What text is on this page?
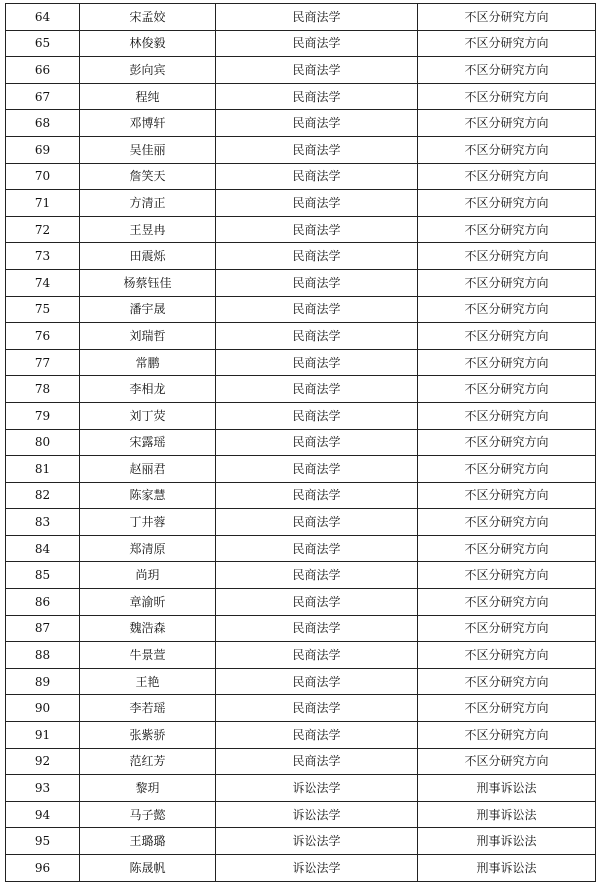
64	宋孟姣	民商法学	不区分研究方向
65	林俊毅	民商法学	不区分研究方向
66	彭向宾	民商法学	不区分研究方向
67	程纯	民商法学	不区分研究方向
68	邓博轩	民商法学	不区分研究方向
69	吴佳丽	民商法学	不区分研究方向
70	詹笑天	民商法学	不区分研究方向
71	方清正	民商法学	不区分研究方向
72	王昱冉	民商法学	不区分研究方向
73	田震烁	民商法学	不区分研究方向
74	杨蔡钰佳	民商法学	不区分研究方向
75	潘宇晟	民商法学	不区分研究方向
76	刘瑞哲	民商法学	不区分研究方向
77	常鹏	民商法学	不区分研究方向
78	李相龙	民商法学	不区分研究方向
79	刘丁荧	民商法学	不区分研究方向
80	宋露瑶	民商法学	不区分研究方向
81	赵丽君	民商法学	不区分研究方向
82	陈家慧	民商法学	不区分研究方向
83	丁井蓉	民商法学	不区分研究方向
84	郑清原	民商法学	不区分研究方向
85	尚玥	民商法学	不区分研究方向
86	章渝昕	民商法学	不区分研究方向
87	魏浩森	民商法学	不区分研究方向
88	牛景萱	民商法学	不区分研究方向
89	王艳	民商法学	不区分研究方向
90	李若瑶	民商法学	不区分研究方向
91	张紫骄	民商法学	不区分研究方向
92	范红芳	民商法学	不区分研究方向
93	黎玥	诉讼法学	刑事诉讼法
94	马子懿	诉讼法学	刑事诉讼法
95	王璐璐	诉讼法学	刑事诉讼法
96	陈晟帆	诉讼法学	刑事诉讼法
